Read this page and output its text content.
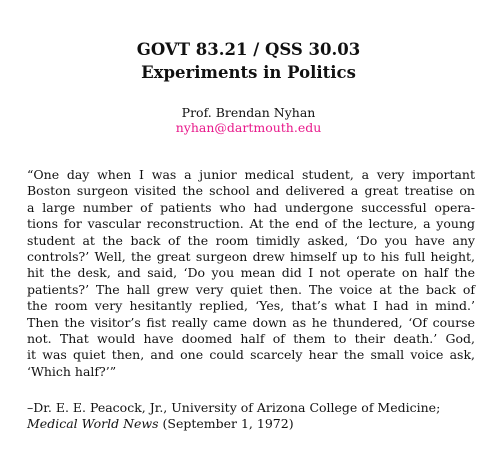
GOVT 83.21 / QSS 30.03
Experiments in Politics
Prof. Brendan Nyhan
nyhan@dartmouth.edu
“One day when I was a junior medical student, a very important
Boston surgeon visited the school and delivered a great treatise on
a large number of patients who had undergone successful opera-
tions for vascular reconstruction. At the end of the lecture, a young
student at the back of the room timidly asked, ‘Do you have any
controls?’ Well, the great surgeon drew himself up to his full height,
hit the desk, and said, ‘Do you mean did I not operate on half the
patients?’ The hall grew very quiet then. The voice at the back of
the room very hesitantly replied, ‘Yes, that’s what I had in mind.’
Then the visitor’s fist really came down as he thundered, ‘Of course
not. That would have doomed half of them to their death.’ God,
it was quiet then, and one could scarcely hear the small voice ask,
‘Which half?’”
–Dr. E. E. Peacock, Jr., University of Arizona College of Medicine;
Medical World News (September 1, 1972)
